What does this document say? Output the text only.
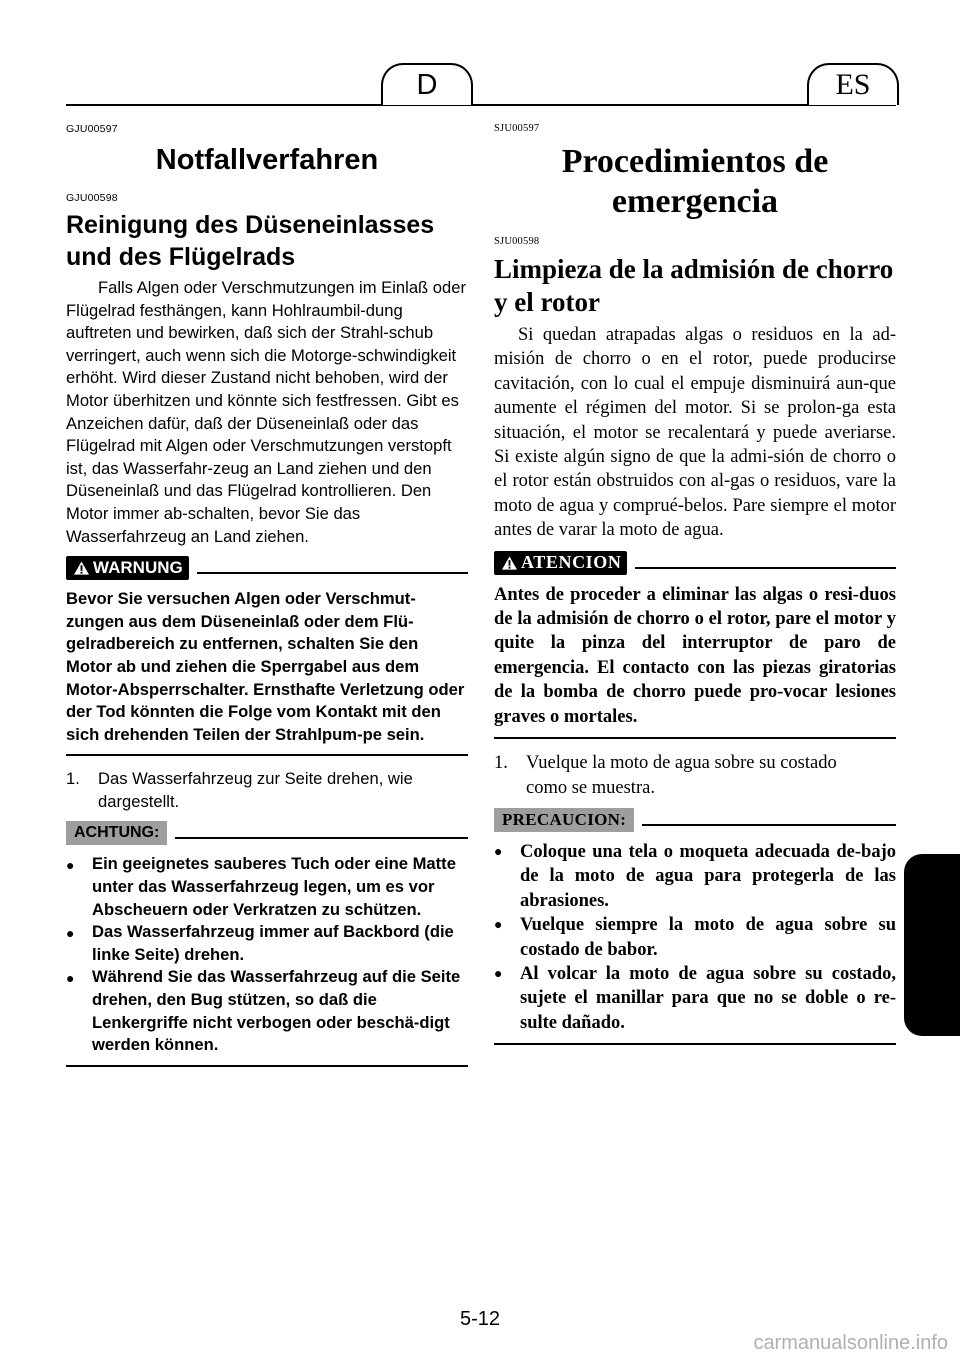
D	ES

GJU00597

Notfallverfahren

GJU00598

Reinigung des Düseneinlasses und des Flügelrads

Falls Algen oder Verschmutzungen im Einlaß oder Flügelrad festhängen, kann Hohlraumbil-dung auftreten und bewirken, daß sich der Strahl-schub verringert, auch wenn sich die Motorge-schwindigkeit erhöht. Wird dieser Zustand nicht behoben, wird der Motor überhitzen und könnte sich festfressen. Gibt es Anzeichen dafür, daß der Düseneinlaß oder das Flügelrad mit Algen oder Verschmutzungen verstopft ist, das Wasserfahr-zeug an Land ziehen und den Düseneinlaß und das Flügelrad kontrollieren. Den Motor immer ab-schalten, bevor Sie das Wasserfahrzeug an Land ziehen.

WARNUNG

Bevor Sie versuchen Algen oder Verschmut-zungen aus dem Düseneinlaß oder dem Flü-gelradbereich zu entfernen, schalten Sie den Motor ab und ziehen die Sperrgabel aus dem Motor-Absperrschalter. Ernsthafte Verletzung oder der Tod könnten die Folge vom Kontakt mit den sich drehenden Teilen der Strahlpum-pe sein.

1.	Das Wasserfahrzeug zur Seite drehen, wie
dargestellt.
ACHTUNG:
●	Ein geeignetes sauberes Tuch oder eine Matte unter das Wasserfahrzeug legen, um es vor Abscheuern oder Verkratzen zu schützen.
●	Das Wasserfahrzeug immer auf Backbord (die linke Seite) drehen.
●	Während Sie das Wasserfahrzeug auf die Seite drehen, den Bug stützen, so daß die Lenkergriffe nicht verbogen oder beschä-digt werden können.

SJU00597

Procedimientos de emergencia

SJU00598

Limpieza de la admisión de chorro y el rotor

Si quedan atrapadas algas o residuos en la ad-misión de chorro o en el rotor, puede producirse cavitación, con lo cual el empuje disminuirá aun-que aumente el régimen del motor. Si se prolon-ga esta situación, el motor se recalentará y puede averiarse. Si existe algún signo de que la admi-sión de chorro o el rotor están obstruidos con al-gas o residuos, vare la moto de agua y comprué-belos. Pare siempre el motor antes de varar la moto de agua.

ATENCION

Antes de proceder a eliminar las algas o resi-duos de la admisión de chorro o el rotor, pare el motor y quite la pinza del interruptor de paro de emergencia. El contacto con las piezas giratorias de la bomba de chorro puede pro-vocar lesiones graves o mortales.

1. Vuelque la moto de agua sobre su costado
como se muestra.
PRECAUCION:
● Coloque una tela o moqueta adecuada de-bajo de la moto de agua para protegerla de las abrasiones.
● Vuelque siempre la moto de agua sobre su costado de babor.
● Al volcar la moto de agua sobre su costado, sujete el manillar para que no se doble o re-sulte dañado.
5-12
carmanualsonline.info
